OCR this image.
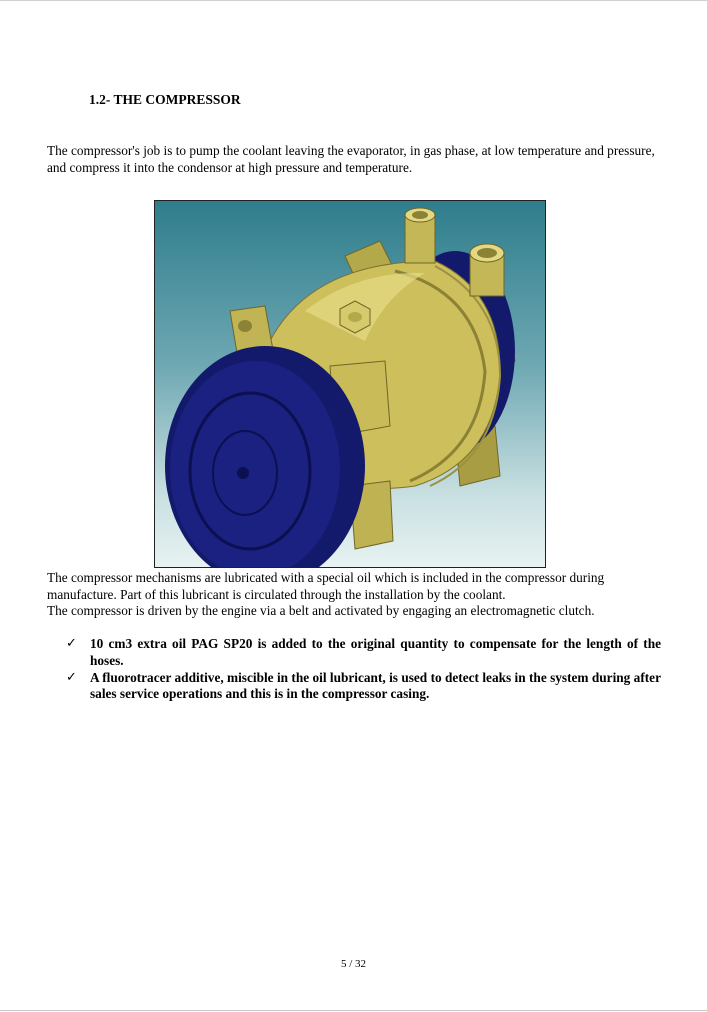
1.2- THE COMPRESSOR

The compressor's job is to pump the coolant leaving the evaporator, in gas phase, at low temperature and pressure, and compress it into the condensor at high pressure and temperature.

The compressor mechanisms are lubricated with a special oil which is included in the compressor during manufacture. Part of this lubricant is circulated through the installation by the coolant.
The compressor is driven by the engine via a belt and activated by engaging an electromagnetic clutch.

✓ 10 cm3 extra oil PAG SP20 is added to the original quantity to compensate for the length of the hoses.
✓ A fluorotracer additive, miscible in the oil lubricant, is used to detect leaks in the system during after sales service operations and this is in the compressor casing.
5 / 32
